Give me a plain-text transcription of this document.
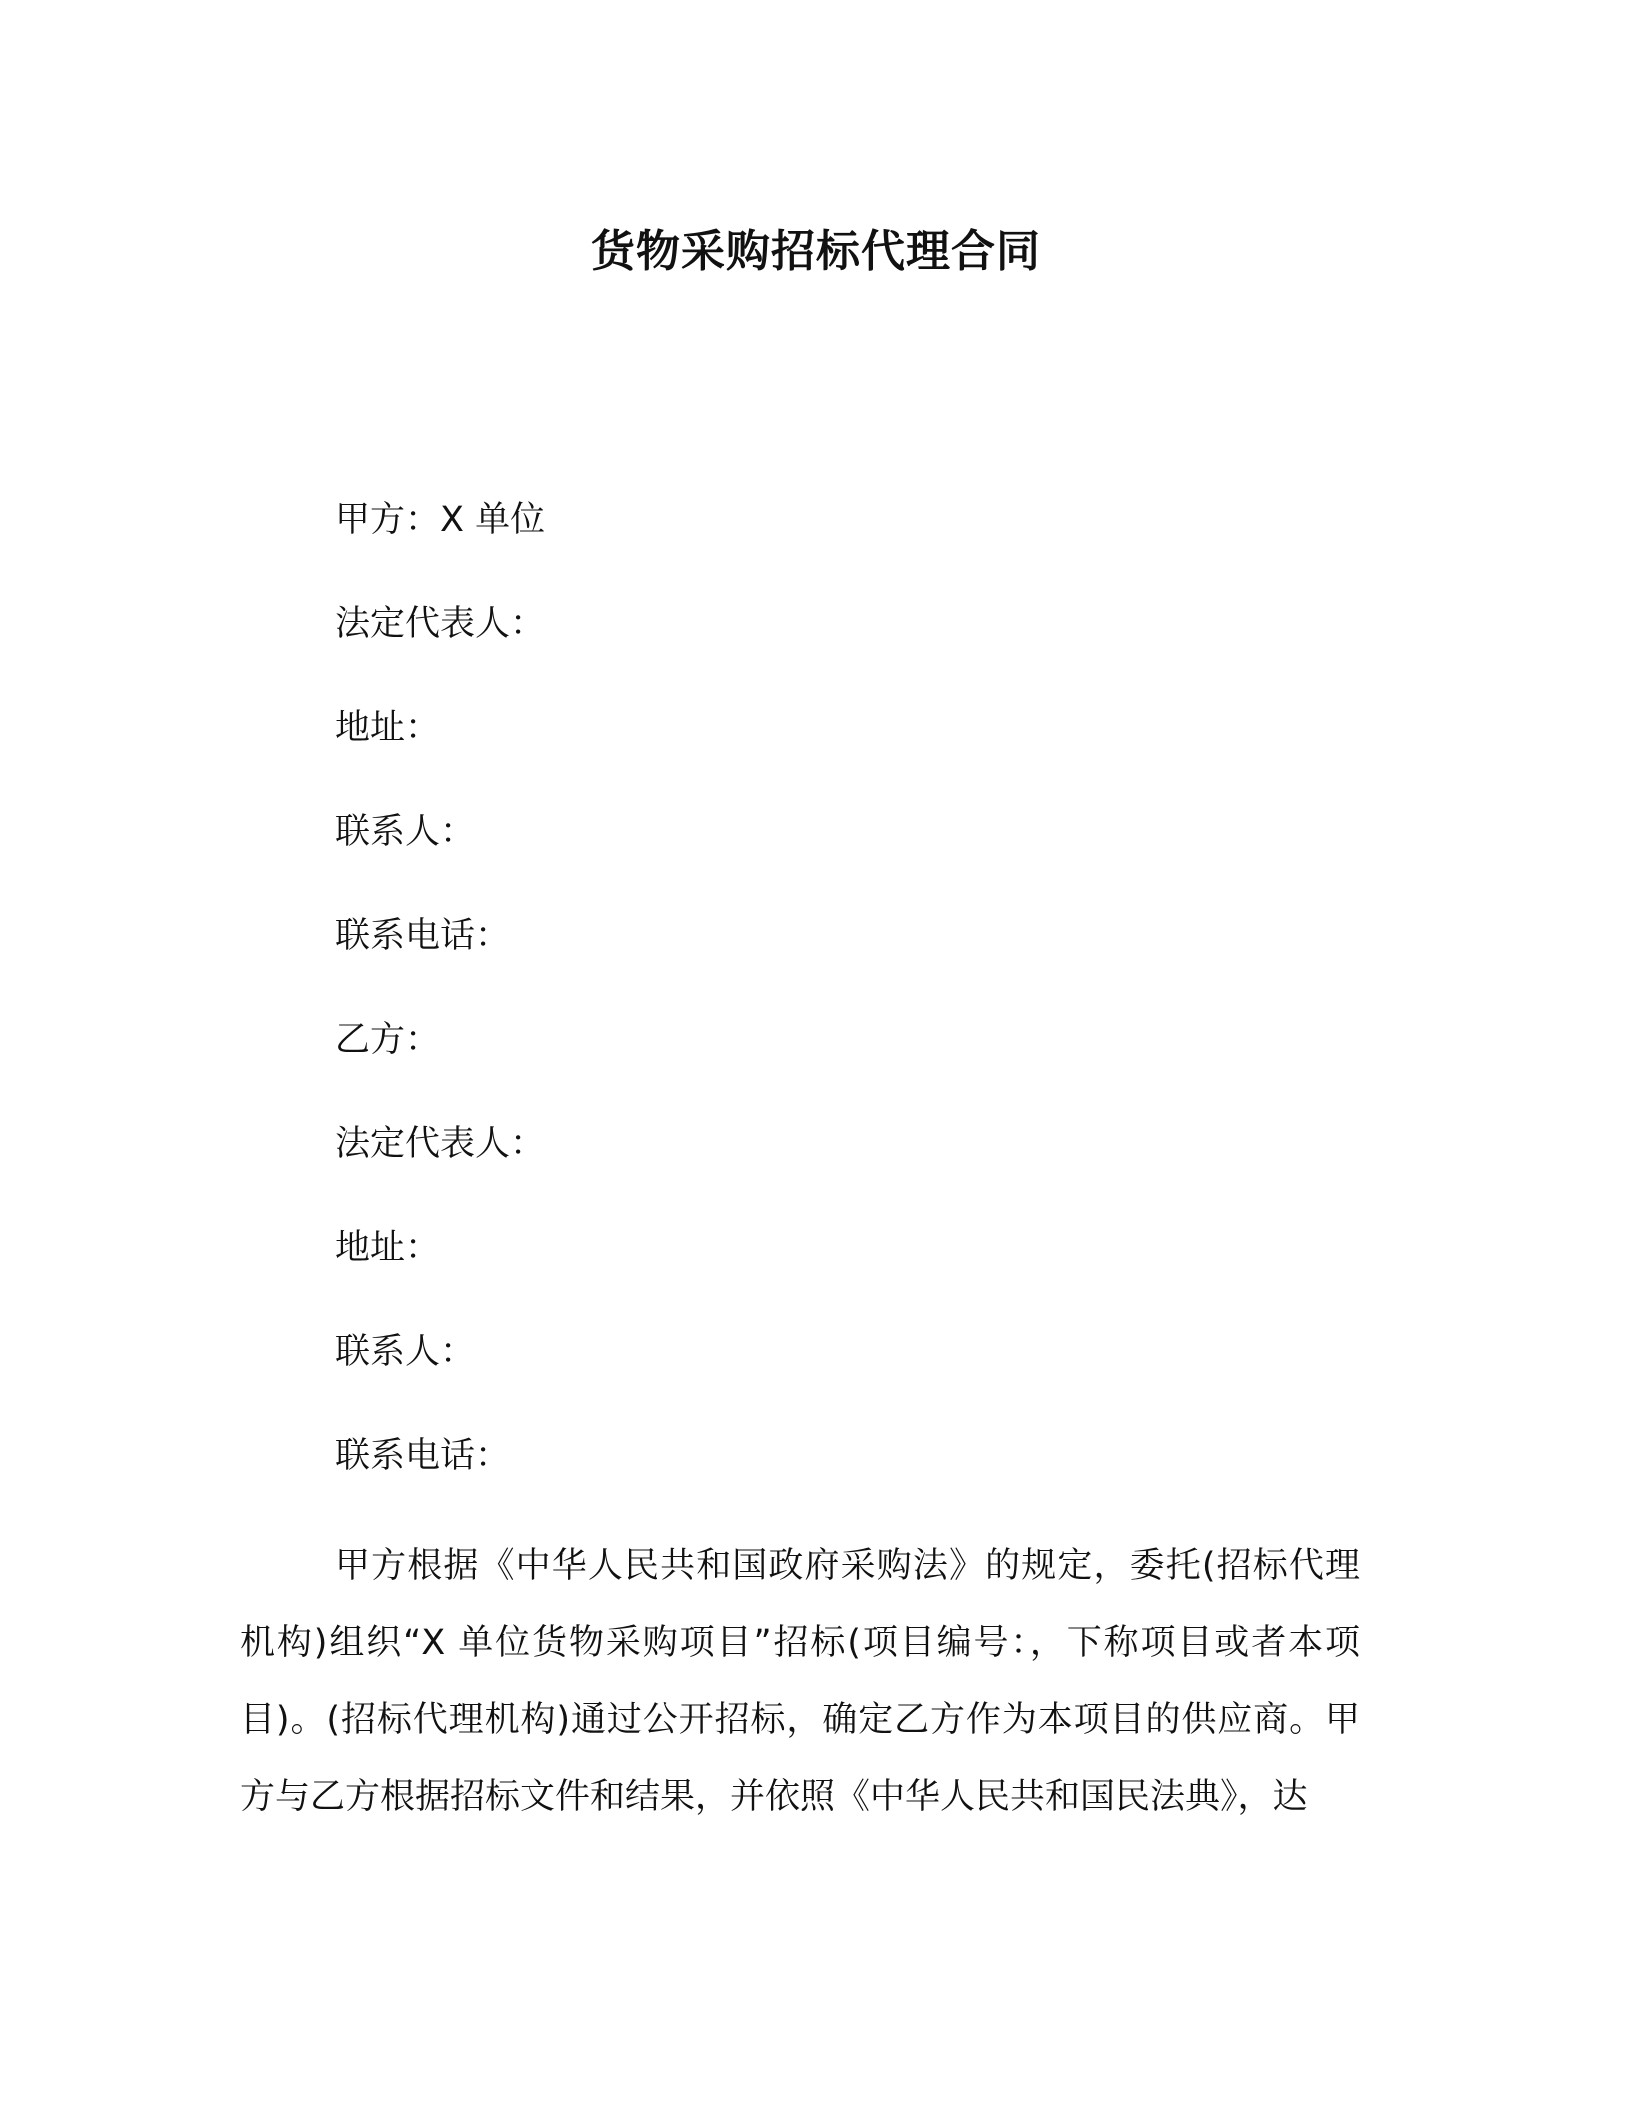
货物采购招标代理合同
甲方：X 单位
法定代表人：
地址：
联系人：
联系电话：
乙方：
法定代表人：
地址：
联系人：
联系电话：

甲方根据《中华人民共和国政府采购法》的规定，委托(招标代理机构)组织“X 单位货物采购项目”招标(项目编号：，下称项目或者本项目)。(招标代理机构)通过公开招标，确定乙方作为本项目的供应商。甲方与乙方根据招标文件和结果，并依照《中华人民共和国民法典》，达
